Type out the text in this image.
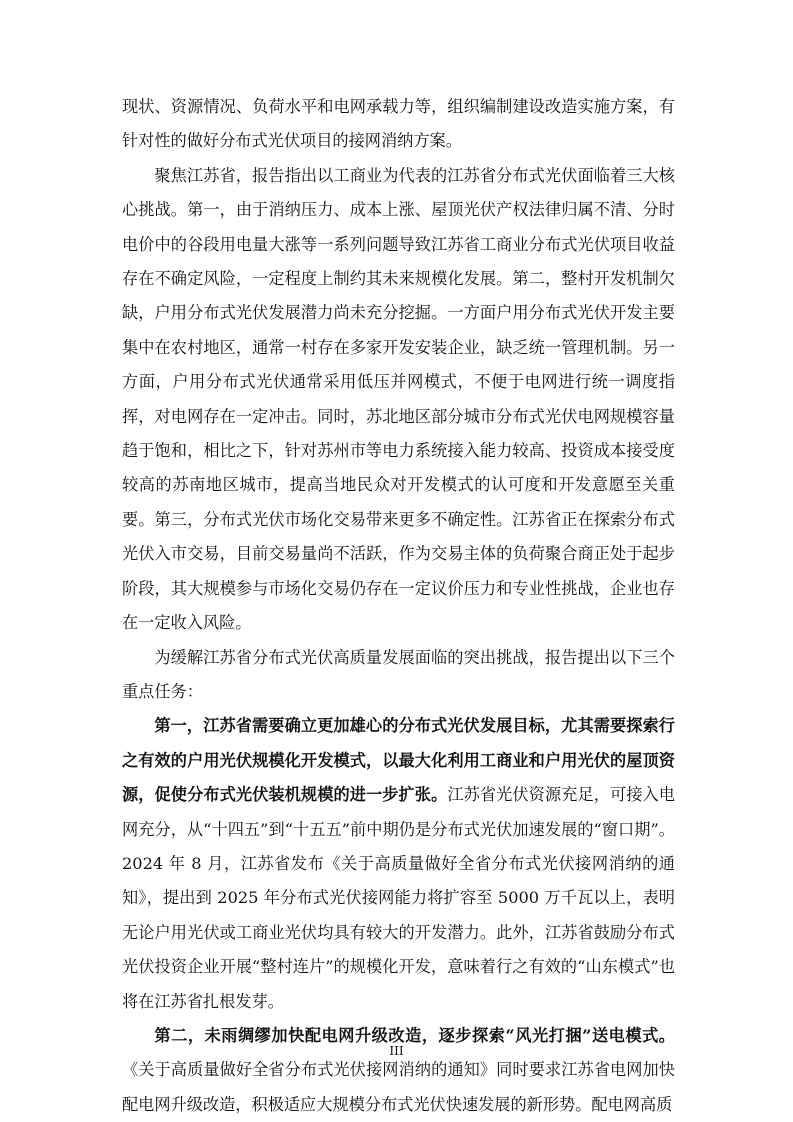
现状、资源情况、负荷水平和电网承载力等，组织编制建设改造实施方案，有针对性的做好分布式光伏项目的接网消纳方案。

聚焦江苏省，报告指出以工商业为代表的江苏省分布式光伏面临着三大核心挑战。第一，由于消纳压力、成本上涨、屋顶光伏产权法律归属不清、分时电价中的谷段用电量大涨等一系列问题导致江苏省工商业分布式光伏项目收益存在不确定风险，一定程度上制约其未来规模化发展。第二，整村开发机制欠缺，户用分布式光伏发展潜力尚未充分挖掘。一方面户用分布式光伏开发主要集中在农村地区，通常一村存在多家开发安装企业，缺乏统一管理机制。另一方面，户用分布式光伏通常采用低压并网模式，不便于电网进行统一调度指挥，对电网存在一定冲击。同时，苏北地区部分城市分布式光伏电网规模容量趋于饱和，相比之下，针对苏州市等电力系统接入能力较高、投资成本接受度较高的苏南地区城市，提高当地民众对开发模式的认可度和开发意愿至关重要。第三，分布式光伏市场化交易带来更多不确定性。江苏省正在探索分布式光伏入市交易，目前交易量尚不活跃，作为交易主体的负荷聚合商正处于起步阶段，其大规模参与市场化交易仍存在一定议价压力和专业性挑战，企业也存在一定收入风险。

为缓解江苏省分布式光伏高质量发展面临的突出挑战，报告提出以下三个重点任务：

第一，江苏省需要确立更加雄心的分布式光伏发展目标，尤其需要探索行之有效的户用光伏规模化开发模式，以最大化利用工商业和户用光伏的屋顶资源，促使分布式光伏装机规模的进一步扩张。江苏省光伏资源充足，可接入电网充分，从“十四五”到“十五五”前中期仍是分布式光伏加速发展的“窗口期”。2024 年 8 月，江苏省发布《关于高质量做好全省分布式光伏接网消纳的通知》，提出到 2025 年分布式光伏接网能力将扩容至 5000 万千瓦以上，表明无论户用光伏或工商业光伏均具有较大的开发潜力。此外，江苏省鼓励分布式光伏投资企业开展“整村连片”的规模化开发，意味着行之有效的“山东模式”也将在江苏省扎根发芽。

第二，未雨绸缪加快配电网升级改造，逐步探索“风光打捆”送电模式。《关于高质量做好全省分布式光伏接网消纳的通知》同时要求江苏省电网加快配电网升级改造，积极适应大规模分布式光伏快速发展的新形势。配电网高质

III
